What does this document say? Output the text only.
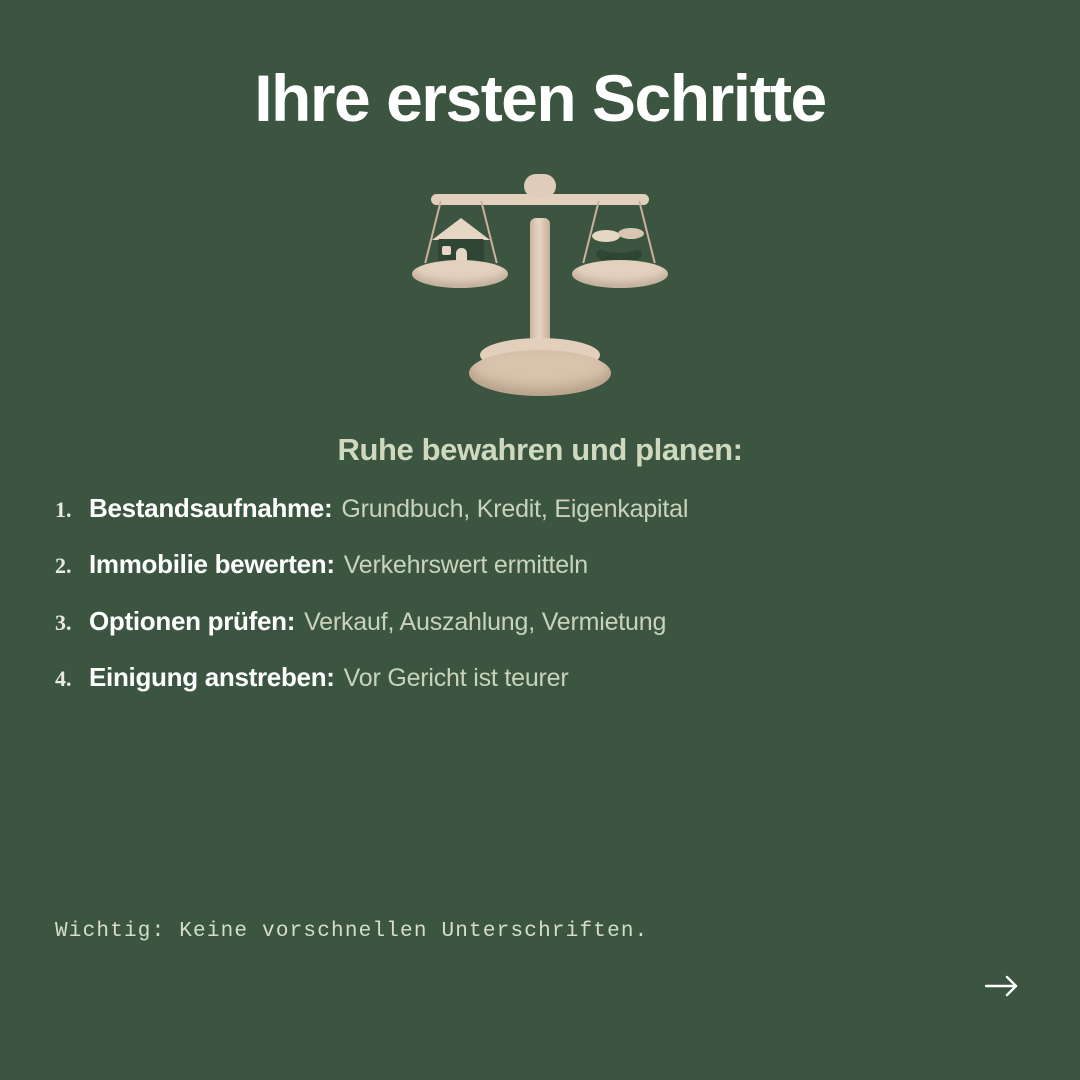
Ihre ersten Schritte
Ruhe bewahren und planen:
1. Bestandsaufnahme: Grundbuch, Kredit, Eigenkapital
2. Immobilie bewerten: Verkehrswert ermitteln
3. Optionen prüfen: Verkauf, Auszahlung, Vermietung
4. Einigung anstreben: Vor Gericht ist teurer
Wichtig: Keine vorschnellen Unterschriften.
